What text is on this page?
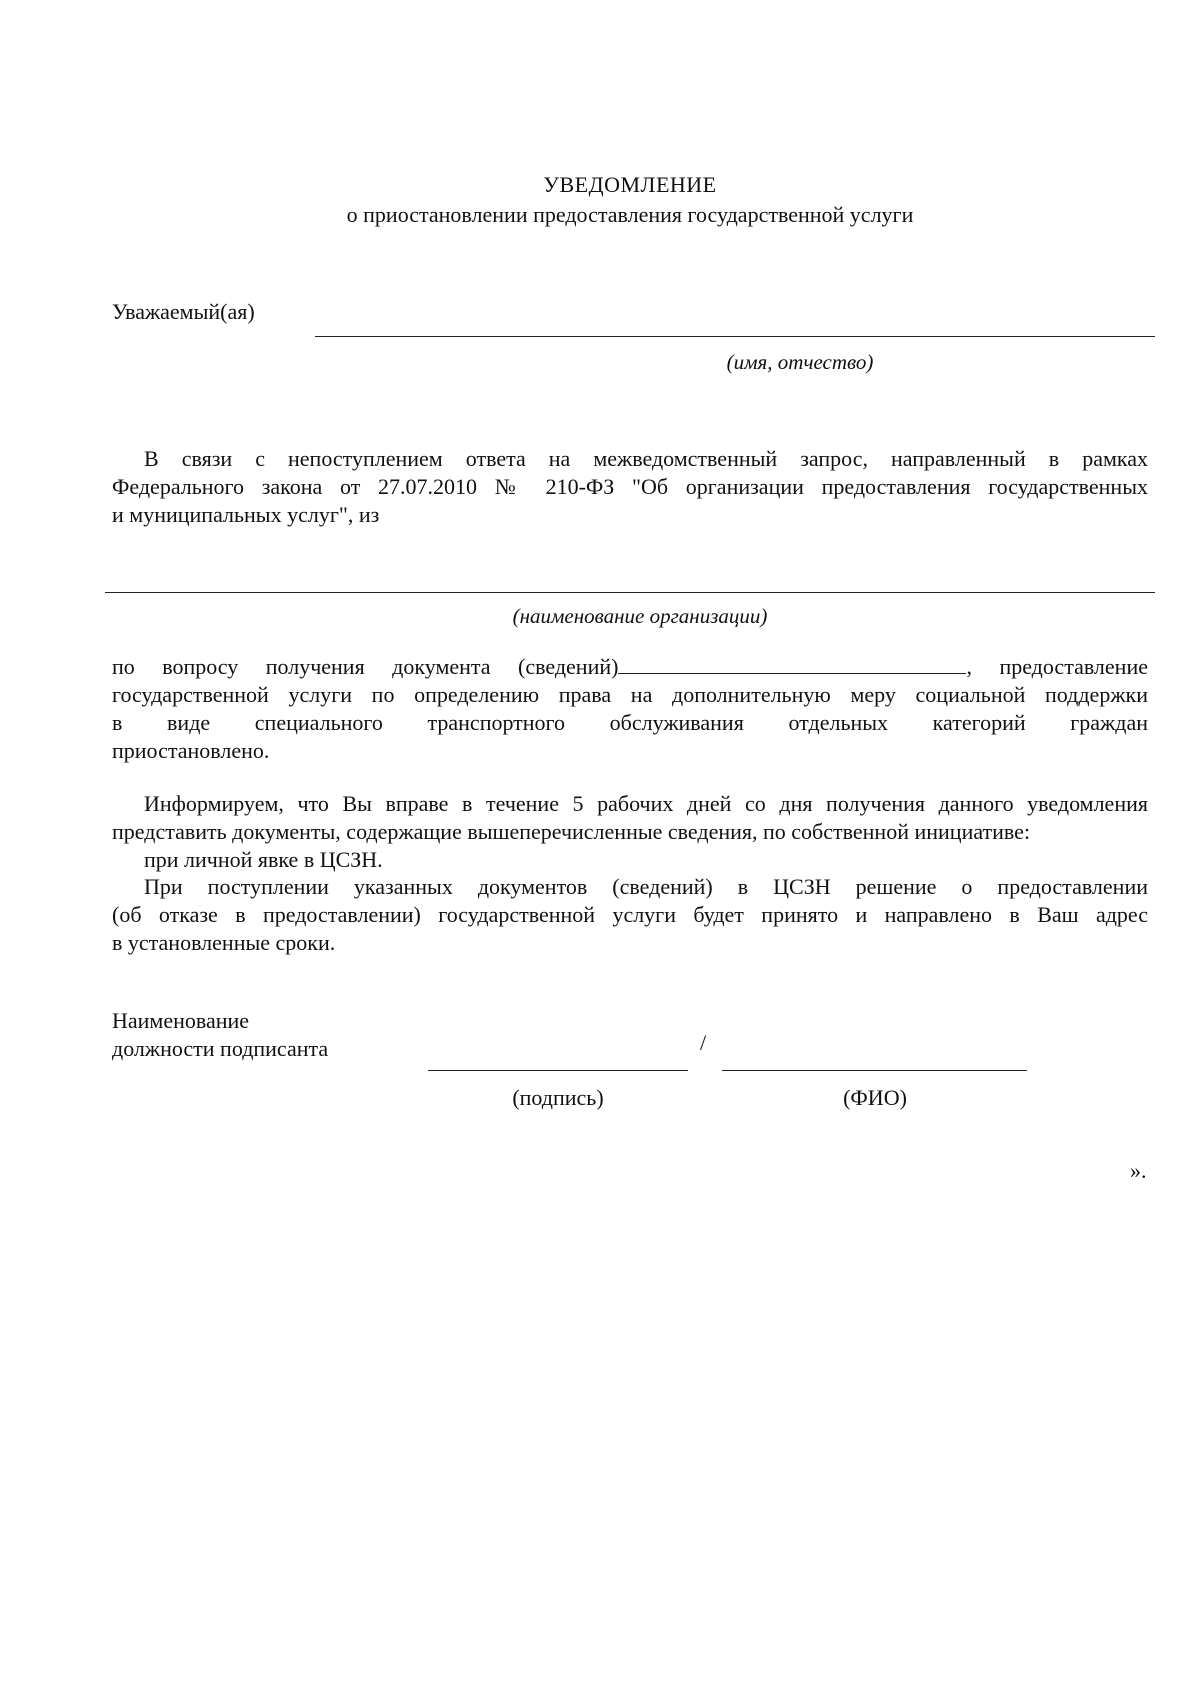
УВЕДОМЛЕНИЕ
о приостановлении предоставления государственной услуги
Уважаемый(ая)
(имя, отчество)
В связи с непоступлением ответа на межведомственный запрос, направленный в рамках
Федерального закона от 27.07.2010 № 210-ФЗ "Об организации предоставления государственных
и муниципальных услуг", из
(наименование организации)
по вопросу получения документа (сведений)	, предоставление
государственной услуги по определению права на дополнительную меру социальной поддержки
в виде специального транспортного обслуживания отдельных категорий граждан
приостановлено.
Информируем, что Вы вправе в течение 5 рабочих дней со дня получения данного уведомления
представить документы, содержащие вышеперечисленные сведения, по собственной инициативе:
при личной явке в ЦСЗН.
При поступлении указанных документов (сведений) в ЦСЗН решение о предоставлении
(об отказе в предоставлении) государственной услуги будет принято и направлено в Ваш адрес
в установленные сроки.
Наименование
должности подписанта	/
(подпись)	(ФИО)
».
